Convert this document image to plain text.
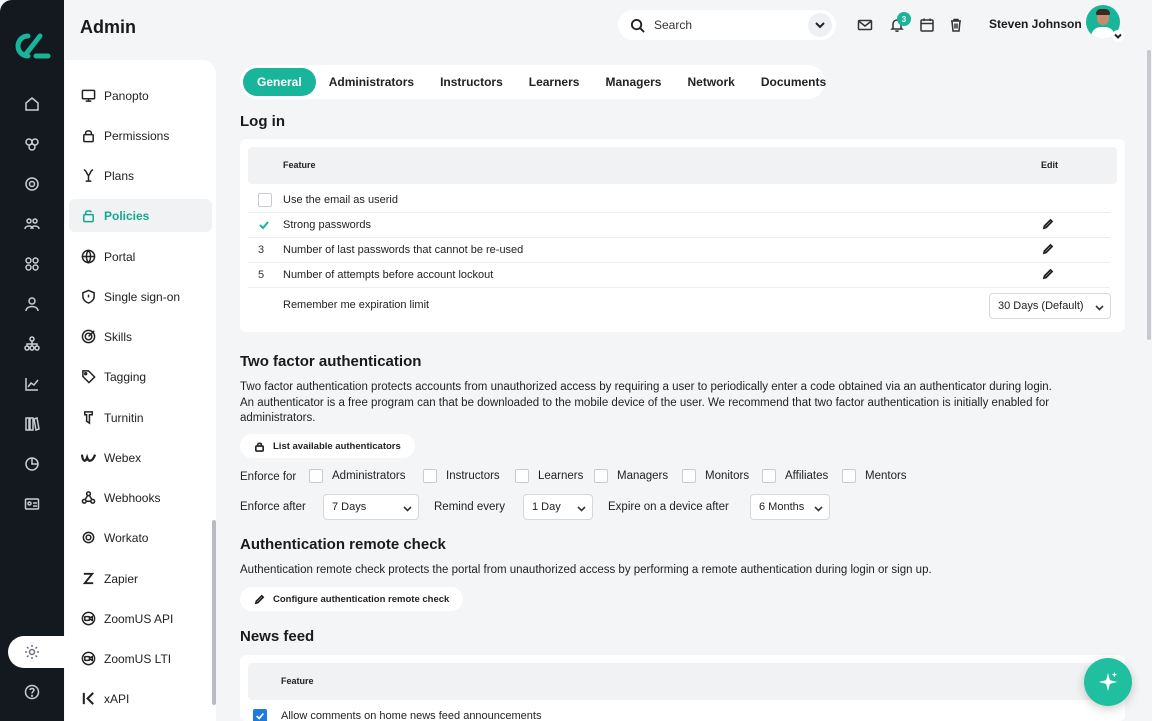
Admin	Search	3	Steven Johnson
Panopto
Permissions
Plans
Policies
Portal
Single sign-on
Skills
Tagging
Turnitin
Webex
Webhooks
Workato
Zapier
ZoomUS API
ZoomUS LTI
xAPI
General	Administrators	Instructors	Learners	Managers	Network	Documents
Log in
Feature	Edit
Use the email as userid
Strong passwords
3	Number of last passwords that cannot be re-used
5	Number of attempts before account lockout
Remember me expiration limit	30 Days (Default)
Two factor authentication
Two factor authentication protects accounts from unauthorized access by requiring a user to periodically enter a code obtained via an authenticator during login.
An authenticator is a free program can that be downloaded to the mobile device of the user. We recommend that two factor authentication is initially enabled for
administrators.
List available authenticators
Enforce for	Administrators	Instructors	Learners	Managers	Monitors	Affiliates	Mentors
Enforce after 7 Days	Remind every 1 Day	Expire on a device after	6 Months
Authentication remote check
Authentication remote check protects the portal from unauthorized access by performing a remote authentication during login or sign up.
Configure authentication remote check
News feed
Feature
Allow comments on home news feed announcements
